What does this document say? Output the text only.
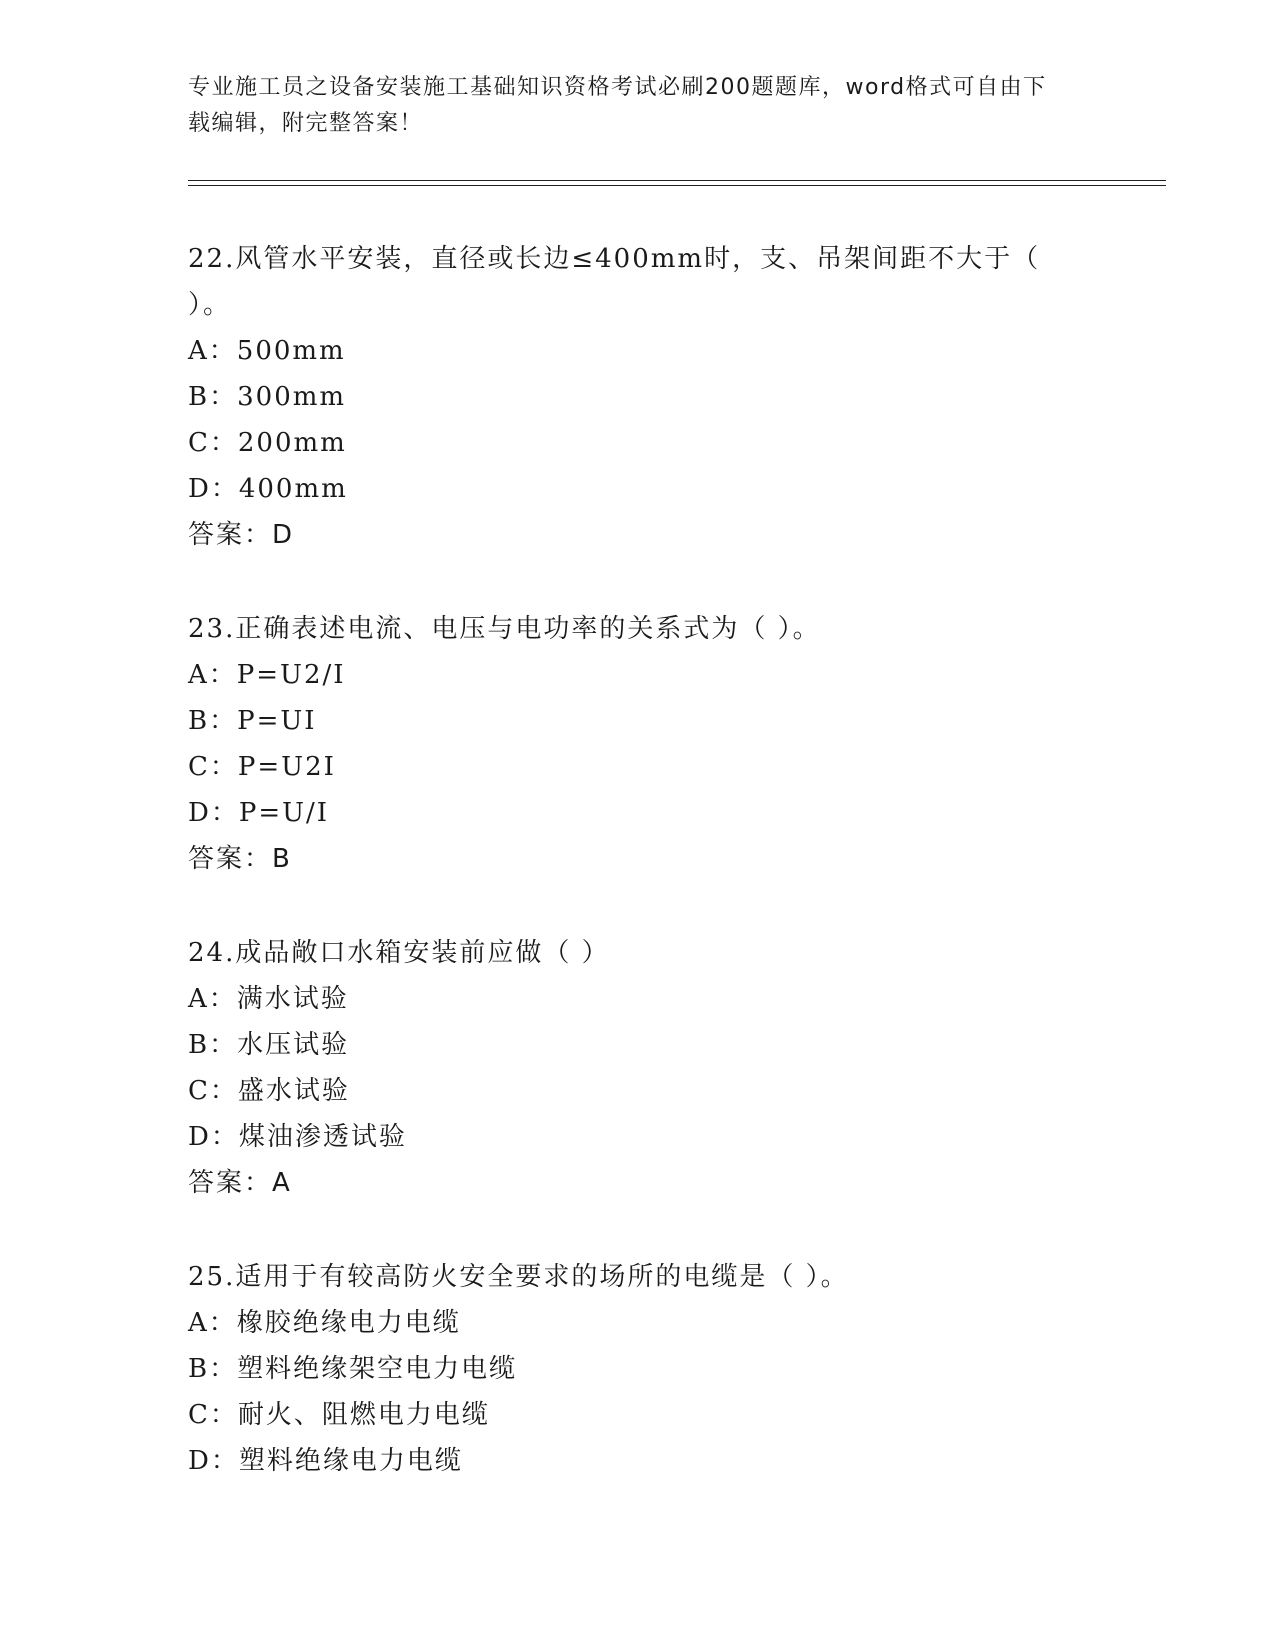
专业施工员之设备安装施工基础知识资格考试必刷200题题库，word格式可自由下载编辑，附完整答案！
22.风管水平安装，直径或长边≤400mm时，支、吊架间距不大于（ ）。
A：500mm
B：300mm
C：200mm
D：400mm
答案：D
23.正确表述电流、电压与电功率的关系式为（ ）。
A：P=U2/I
B：P=UI
C：P=U2I
D：P=U/I
答案：B
24.成品敞口水箱安装前应做（ ）
A：满水试验
B：水压试验
C：盛水试验
D：煤油渗透试验
答案：A
25.适用于有较高防火安全要求的场所的电缆是（ ）。
A：橡胶绝缘电力电缆
B：塑料绝缘架空电力电缆
C：耐火、阻燃电力电缆
D：塑料绝缘电力电缆
